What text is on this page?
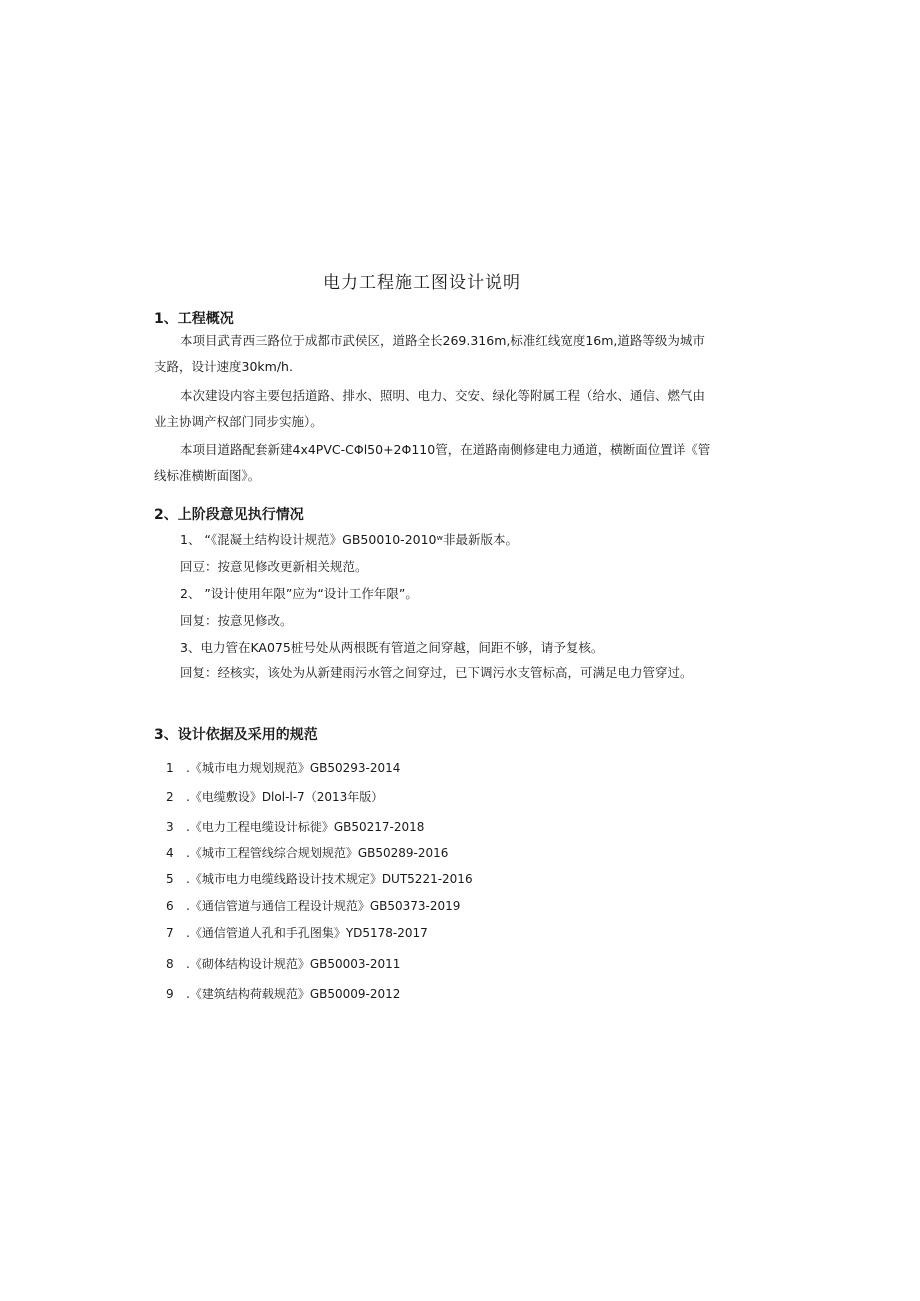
电力工程施工图设计说明
1、工程概况
本项目武青西三路位于成都市武侯区，道路全长269.316m,标准红线宽度16m,道路等级为城市支路，设计速度30km∕h.
本次建设内容主要包括道路、排水、照明、电力、交安、绿化等附属工程（给水、通信、燃气由业主协调产权部门同步实施）。
本项目道路配套新建4x4PVC-CΦl50+2Φ110管，在道路南侧修建电力通道，横断面位置详《管线标准横断面图》。
2、上阶段意见执行情况
1、 “《混凝土结构设计规范》GB50010-2010ʷ非最新版本。
回豆：按意见修改更新相关规范。
2、 ”设计使用年限”应为“设计工作年限”。
回复：按意见修改。
3、电力管在KA075桩号处从两根既有管道之间穿越，间距不够，请予复核。
回复：经核实，该处为从新建雨污水管之间穿过，已下调污水支管标高，可满足电力管穿过。
3、设计依据及采用的规范
1 .《城市电力规划规范》GB50293-2014
2 .《电缆敷设》Dlol-l-7（2013年版）
3 .《电力工程电缆设计标徙》GB50217-2018
4 .《城市工程管线综合规划规范》GB50289-2016
5 .《城市电力电缆线路设计技术规定》DUT5221-2016
6 .《通信管道与通信工程设计规范》GB50373-2019
7 .《通信管道人孔和手孔图集》YD5178-2017
8 .《砌体结构设计规范》GB50003-2011
9 .《建筑结构荷载规范》GB50009-2012
